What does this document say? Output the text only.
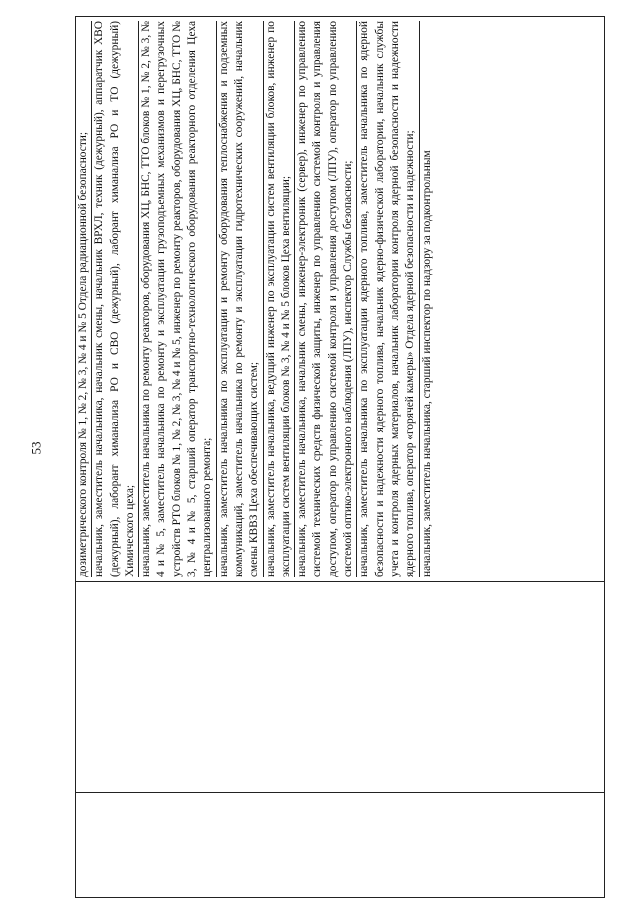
53
			дозиметрического контроля № 1, № 2, № 3, № 4 и № 5 Отдела радиационной безопасности; начальник, заместитель начальника, начальник смены, начальник ВРХЛ, техник (дежурный), аппаратчик ХВО (дежурный), лаборант химанализа РО и СВО (дежурный), лаборант химанализа РО и ТО (дежурный) Химического цеха; начальник, заместитель начальника по ремонту реакторов, оборудования ХЦ, БНС, ТТО блоков № 1, № 2, № 3, № 4 и № 5, заместитель начальника по ремонту и эксплуатации грузоподъемных механизмов и перегрузочных устройств РТО блоков № 1, № 2, № 3, № 4 и № 5, инженер по ремонту реакторов, оборудования ХЦ, БНС, ТТО № 3, № 4 и № 5, старший оператор транспортно-технологического оборудования реакторного отделения Цеха централизованного ремонта; начальник, заместитель начальника по эксплуатации и ремонту оборудования теплоснабжения и подземных коммуникаций, заместитель начальника по ремонту и эксплуатации гидротехнических сооружений, начальник смены КВВЗ Цеха обеспечивающих систем; начальник, заместитель начальника, ведущий инженер по эксплуатации систем вентиляции блоков, инженер по эксплуатации систем вентиляции блоков № 3, № 4 и № 5 блоков Цеха вентиляции; начальник, заместитель начальника, начальник смены, инженер-электроник (сервер), инженер по управлению системой технических средств физической защиты, инженер по управлению системой контроля и управления доступом, оператор по управлению системой контроля и управления доступом (ЛПУ), оператор по управлению системой оптико-электронного наблюдения (ЛПУ), инспектор Службы безопасности; начальник, заместитель начальника по эксплуатации ядерного топлива, заместитель начальника по ядерной безопасности и надежности ядерного топлива, начальник ядерно-физической лаборатории, начальник службы учета и контроля ядерных материалов, начальник лаборатории контроля ядерной безопасности и надежности ядерного топлива, оператор «горячей камеры» Отдела ядерной безопасности и надежности; начальник, заместитель начальника, старший инспектор по надзору за подконтрольным
